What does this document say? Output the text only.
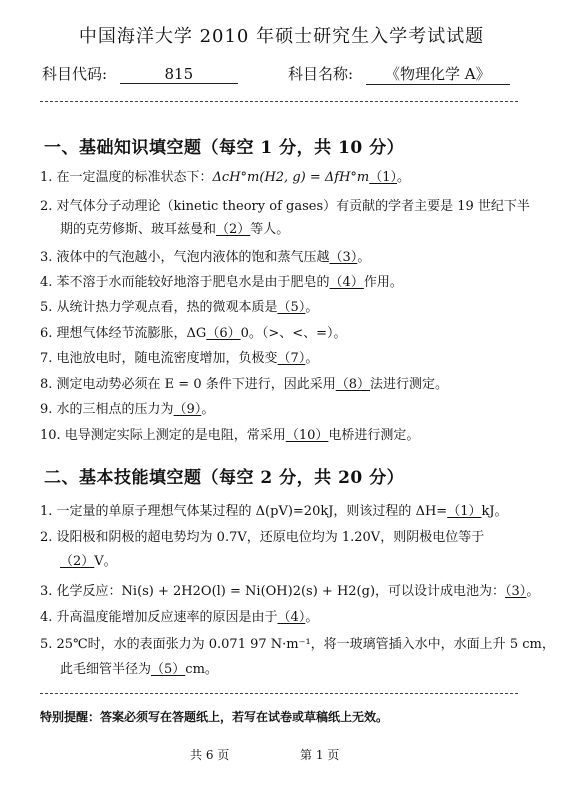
中国海洋大学 2010 年硕士研究生入学考试试题
科目代码:	815	科目名称: 《物理化学 A》
一、基础知识填空题（每空 1 分，共 10 分）
1. 在一定温度的标准状态下：ΔcH°m(H2, g) = ΔfH°m（1）。
2. 对气体分子动理论（kinetic theory of gases）有贡献的学者主要是 19 世纪下半
期的克劳修斯、玻耳兹曼和（2）等人。
3. 液体中的气泡越小，气泡内液体的饱和蒸气压越（3）。
4. 苯不溶于水而能较好地溶于肥皂水是由于肥皂的（4）作用。
5. 从统计热力学观点看，热的微观本质是（5）。
6. 理想气体经节流膨胀，ΔG（6）0。（>、<、=）。
7. 电池放电时，随电流密度增加，负极变（7）。
8. 测定电动势必须在 E = 0 条件下进行，因此采用（8）法进行测定。
9. 水的三相点的压力为（9）。
10. 电导测定实际上测定的是电阻，常采用（10）电桥进行测定。
二、基本技能填空题（每空 2 分，共 20 分）
1. 一定量的单原子理想气体某过程的 Δ(pV)=20kJ，则该过程的 ΔH=（1）kJ。
2. 设阳极和阴极的超电势均为 0.7V，还原电位均为 1.20V，则阴极电位等于
（2）V。
3. 化学反应：Ni(s) + 2H2O(l) = Ni(OH)2(s) + H2(g)，可以设计成电池为：（3）。
4. 升高温度能增加反应速率的原因是由于（4）。
5. 25℃时，水的表面张力为 0.071 97 N·m⁻¹，将一玻璃管插入水中，水面上升 5 cm，
此毛细管半径为（5）cm。
特别提醒：答案必须写在答题纸上，若写在试卷或草稿纸上无效。
共 6 页	第 1 页
